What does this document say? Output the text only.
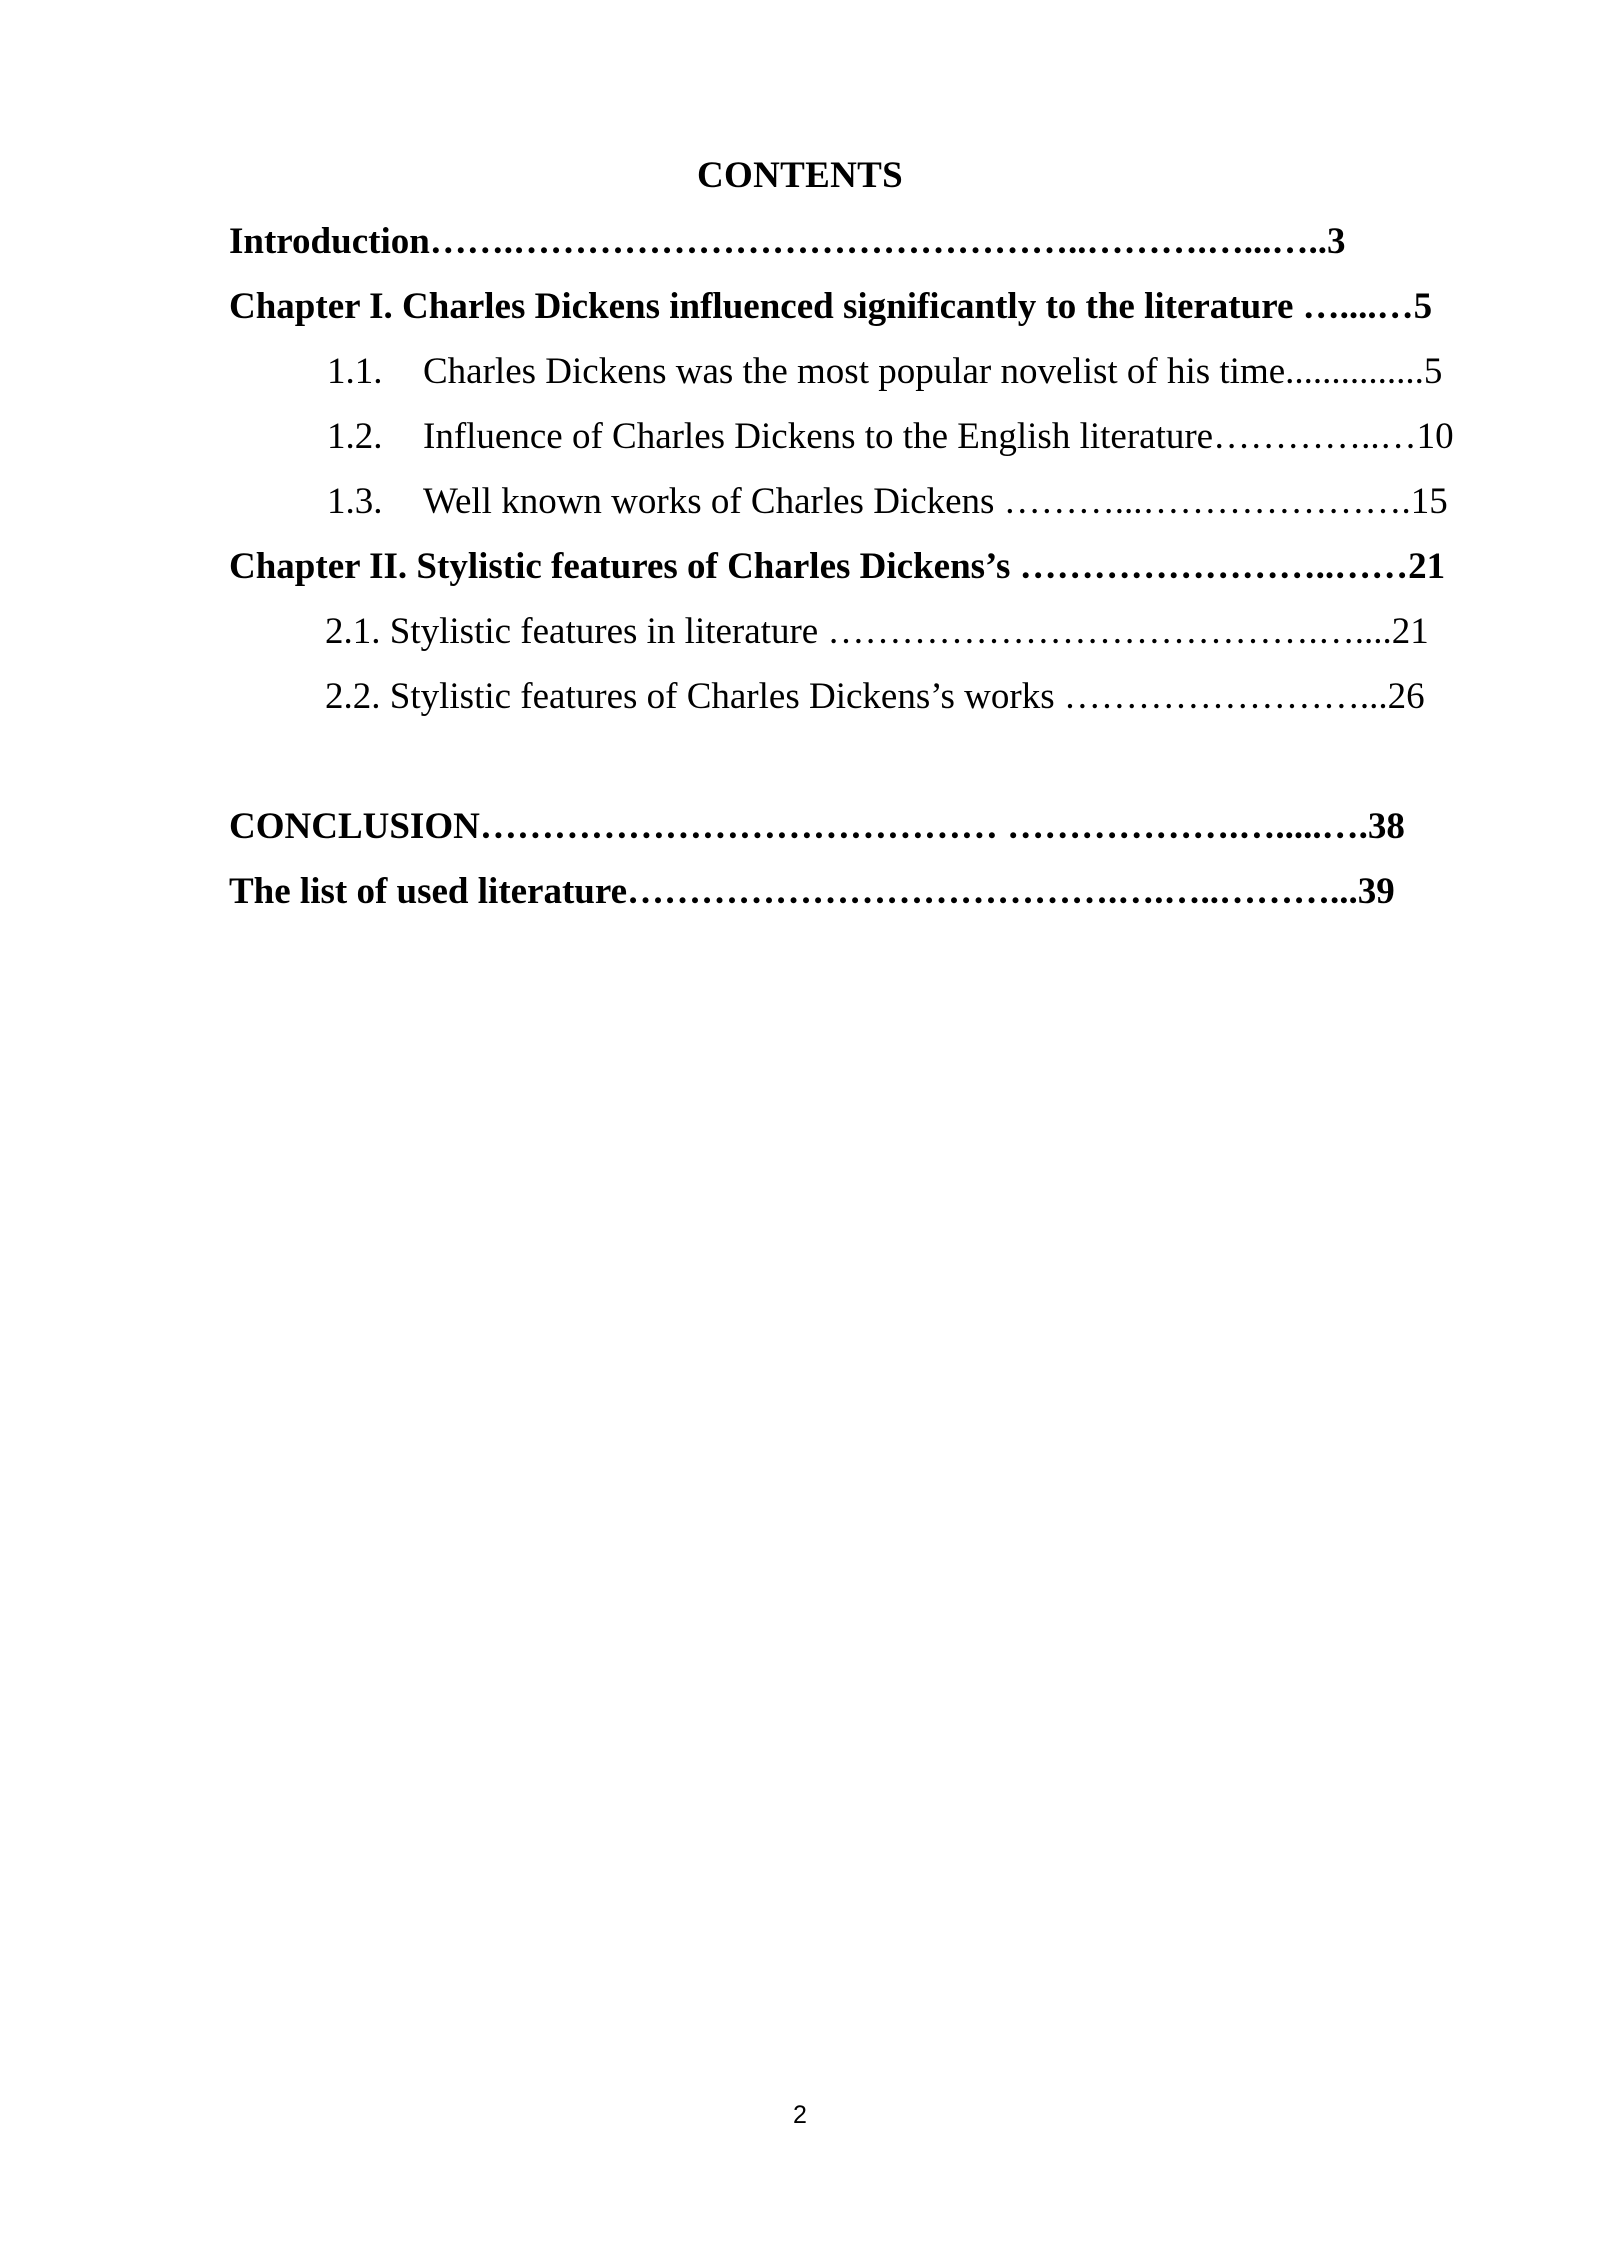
CONTENTS
Introduction…….………………………………………..……….…...…..3
Chapter I. Charles Dickens influenced significantly to the literature …....…5
1.1. Charles Dickens was the most popular novelist of his time...............5
1.2. Influence of Charles Dickens to the English literature…………..…10
1.3. Well known works of Charles Dickens ………...………………….15
Chapter II. Stylistic features of Charles Dickens’s ……………………..……21
2.1. Stylistic features in literature ………………………………….…....21
2.2. Stylistic features of Charles Dickens’s works ……………………...26
CONCLUSION…………………………………… ……………….….....….38
The list of used literature………………………………….….…..………...39
2
